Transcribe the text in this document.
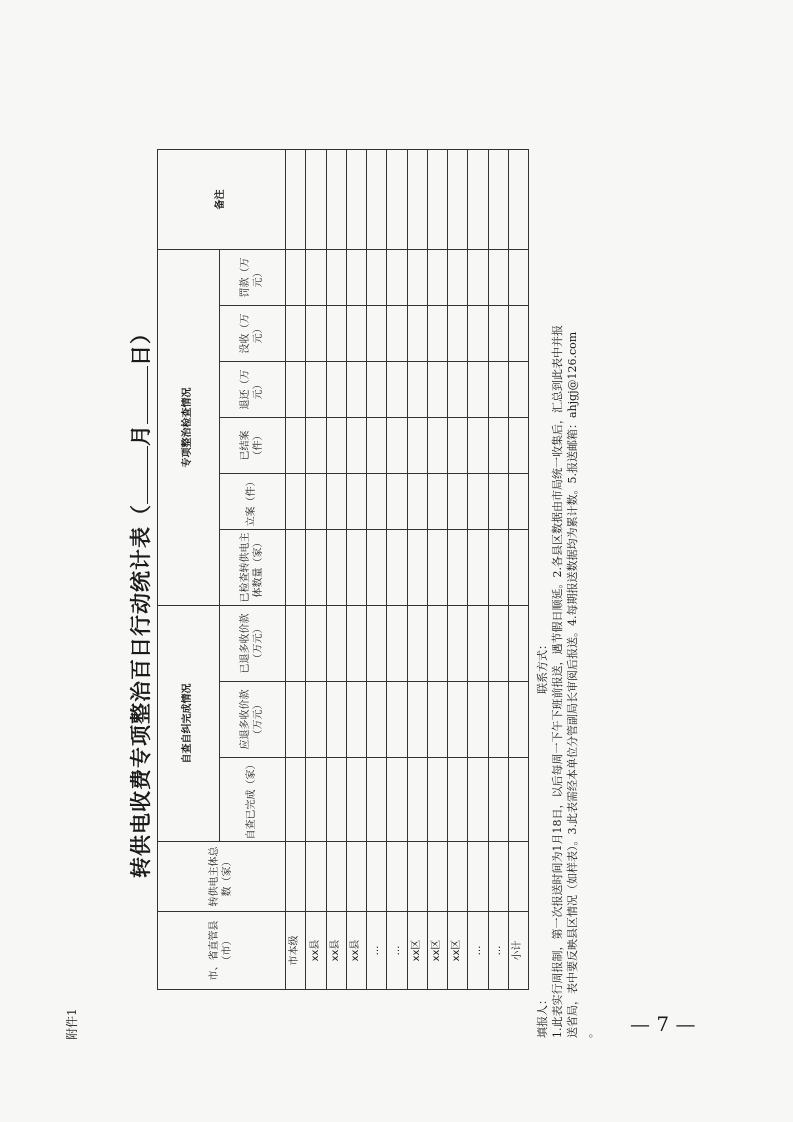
附件1
转供电收费专项整治百日行动统计表（月日）
市、省直管县（市）	转供电主体总数（家）	自查自纠完成情况			专项整治检查情况						备注
		自查已完成（家）	应退多收价款（万元）	已退多收价款（万元）	已检查转供电主体数量（家）	立案（件）	已结案（件）	退还（万元）	没收（万元）	罚款（万元）	
市本级											
xx县											
xx县											
xx县											
…											
…											
xx区											
xx区											
xx区											
…											
…											
小计											
填报人：联系方式： 1.此表实行周报制，第一次报送时间为1月18日，以后每周一下午下班前报送，遇节假日顺延。2.各县区数据由市局统一收集后，汇总到此表中并报 送省局，表中要反映县区情况（如样表）。3.此表需经本单位分管副局长审阅后报送。4.每期报送数据均为累计数。5.报送邮箱：ahjgj@126.com 。 — 7 —
